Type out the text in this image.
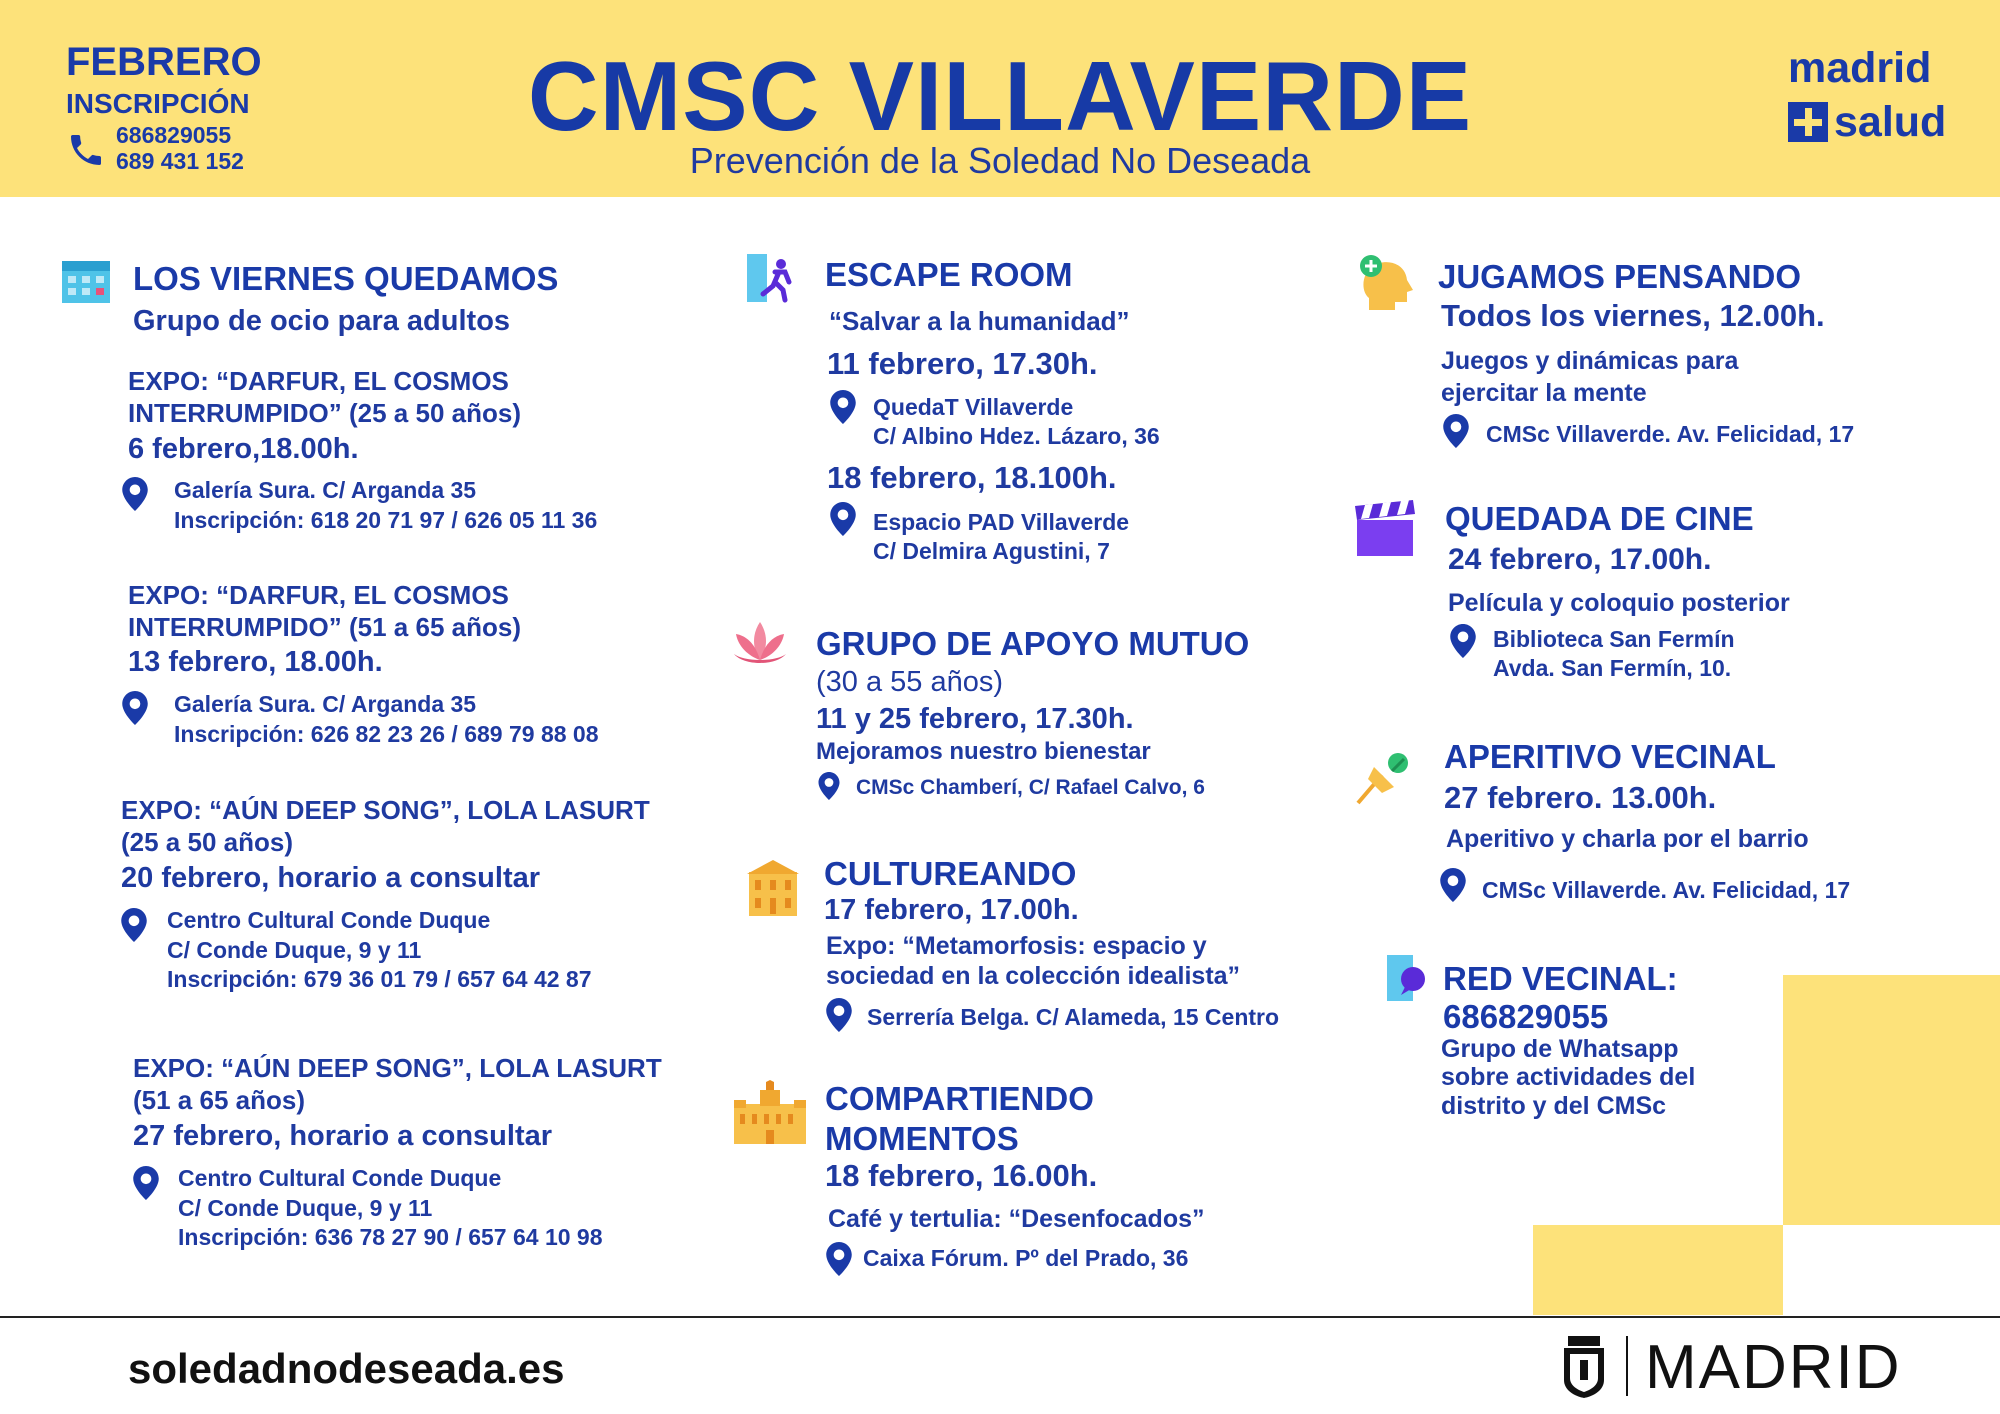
FEBRERO
INSCRIPCIÓN
686829055
689 431 152
CMSC VILLAVERDE
Prevención de la Soledad No Deseada
madrid
salud
LOS VIERNES QUEDAMOS
Grupo de ocio para adultos
EXPO: “DARFUR, EL COSMOS
INTERRUMPIDO” (25 a 50 años)
6 febrero,18.00h.
Galería Sura. C/ Arganda 35
Inscripción: 618 20 71 97 / 626 05 11 36
EXPO: “DARFUR, EL COSMOS
INTERRUMPIDO” (51 a 65 años)
13 febrero, 18.00h.
Galería Sura. C/ Arganda 35
Inscripción: 626 82 23 26 / 689 79 88 08
EXPO: “AÚN DEEP SONG”, LOLA LASURT
(25 a 50 años)
20 febrero, horario a consultar
Centro Cultural Conde Duque
C/ Conde Duque, 9 y 11
Inscripción: 679 36 01 79 / 657 64 42 87
EXPO: “AÚN DEEP SONG”, LOLA LASURT
(51 a 65 años)
27 febrero, horario a consultar
Centro Cultural Conde Duque
C/ Conde Duque, 9 y 11
Inscripción: 636 78 27 90 / 657 64 10 98
ESCAPE ROOM
“Salvar a la humanidad”
11 febrero, 17.30h.
QuedaT Villaverde
C/ Albino Hdez. Lázaro, 36
18 febrero, 18.100h.
Espacio PAD Villaverde
C/ Delmira Agustini, 7
GRUPO DE APOYO MUTUO
(30 a 55 años)
11 y 25 febrero, 17.30h.
Mejoramos nuestro bienestar
CMSc Chamberí, C/ Rafael Calvo, 6
CULTUREANDO
17 febrero, 17.00h.
Expo: “Metamorfosis: espacio y
sociedad en la colección idealista”
Serrería Belga. C/ Alameda, 15 Centro
COMPARTIENDO
MOMENTOS
18 febrero, 16.00h.
Café y tertulia: “Desenfocados”
Caixa Fórum. Pº del Prado, 36
JUGAMOS PENSANDO
Todos los viernes, 12.00h.
Juegos y dinámicas para
ejercitar la mente
CMSc Villaverde. Av. Felicidad, 17
QUEDADA DE CINE
24 febrero, 17.00h.
Película y coloquio posterior
Biblioteca San Fermín
Avda. San Fermín, 10.
APERITIVO VECINAL
27 febrero. 13.00h.
Aperitivo y charla por el barrio
CMSc Villaverde. Av. Felicidad, 17
RED VECINAL:
686829055
Grupo de Whatsapp
sobre actividades del
distrito y del CMSc
soledadnodeseada.es	MADRID
